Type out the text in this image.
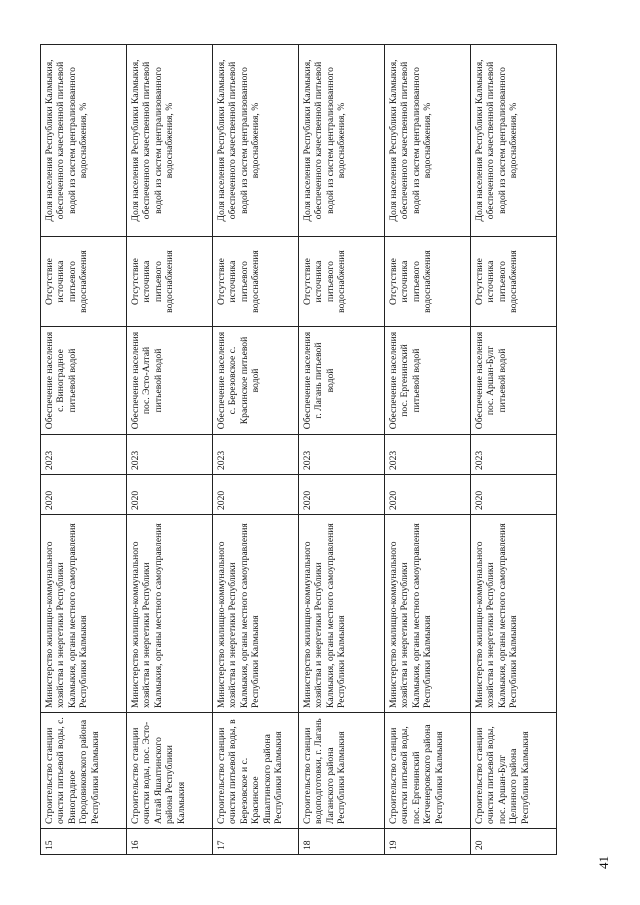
15	Строительство станции очистки питьевой воды, с. Виноградное Городовиковского района Республики Калмыкия	Министерство жилищно-коммунального хозяйства и энергетики Республики Калмыкия, органы местного самоуправления Республики Калмыкия	2020	2023	Обеспечение населения с. Виноградное питьевой водой	Отсутствие источника питьевого водоснабжения	Доля населения Республики Калмыкия, обеспеченного качественной питьевой водой из систем централизованного водоснабжения, %
16	Строительство станции очистки воды, пос. Эсто-Алтай Яшалтинского района Республики Калмыкия	Министерство жилищно-коммунального хозяйства и энергетики Республики Калмыкия, органы местного самоуправления	2020	2023	Обеспечение населения пос. Эсто-Алтай питьевой водой	Отсутствие источника питьевого водоснабжения	Доля населения Республики Калмыкия, обеспеченного качественной питьевой водой из систем централизованного водоснабжения, %
17	Строительство станции очистки питьевой воды, в Березовское и с. Красинское Яшалтинского района Республики Калмыкия	Министерство жилищно-коммунального хозяйства и энергетики Республики Калмыкия, органы местного самоуправления Республики Калмыкия	2020	2023	Обеспечение населения с. Березовское с. Красинское питьевой водой	Отсутствие источника питьевого водоснабжения	Доля населения Республики Калмыкия, обеспеченного качественной питьевой водой из систем централизованного водоснабжения, %
18	Строительство станции водоподготовки, г. Лагань Лаганского района Республики Калмыкия	Министерство жилищно-коммунального хозяйства и энергетики Республики Калмыкия, органы местного самоуправления Республики Калмыкия	2020	2023	Обеспечение населения г. Лагань питьевой водой	Отсутствие источника питьевого водоснабжения	Доля населения Республики Калмыкия, обеспеченного качественной питьевой водой из систем централизованного водоснабжения, %
19	Строительство станции очистки питьевой воды, пос. Ергенинский Кетченеровского района Республики Калмыкия	Министерство жилищно-коммунального хозяйства и энергетики Республики Калмыкия, органы местного самоуправления Республики Калмыкия	2020	2023	Обеспечение населения пос. Ергенинский питьевой водой	Отсутствие источника питьевого водоснабжения	Доля населения Республики Калмыкия, обеспеченного качественной питьевой водой из систем централизованного водоснабжения, %
20	Строительство станции очистки питьевой воды, пос. Аршан-Булг Целинного района Республики Калмыкия	Министерство жилищно-коммунального хозяйства и энергетики Республики Калмыкия, органы местного самоуправления Республики Калмыкия	2020	2023	Обеспечение населения пос. Аршан-Булг питьевой водой	Отсутствие источника питьевого водоснабжения	Доля населения Республики Калмыкия, обеспеченного качественной питьевой водой из систем централизованного водоснабжения, %
41
